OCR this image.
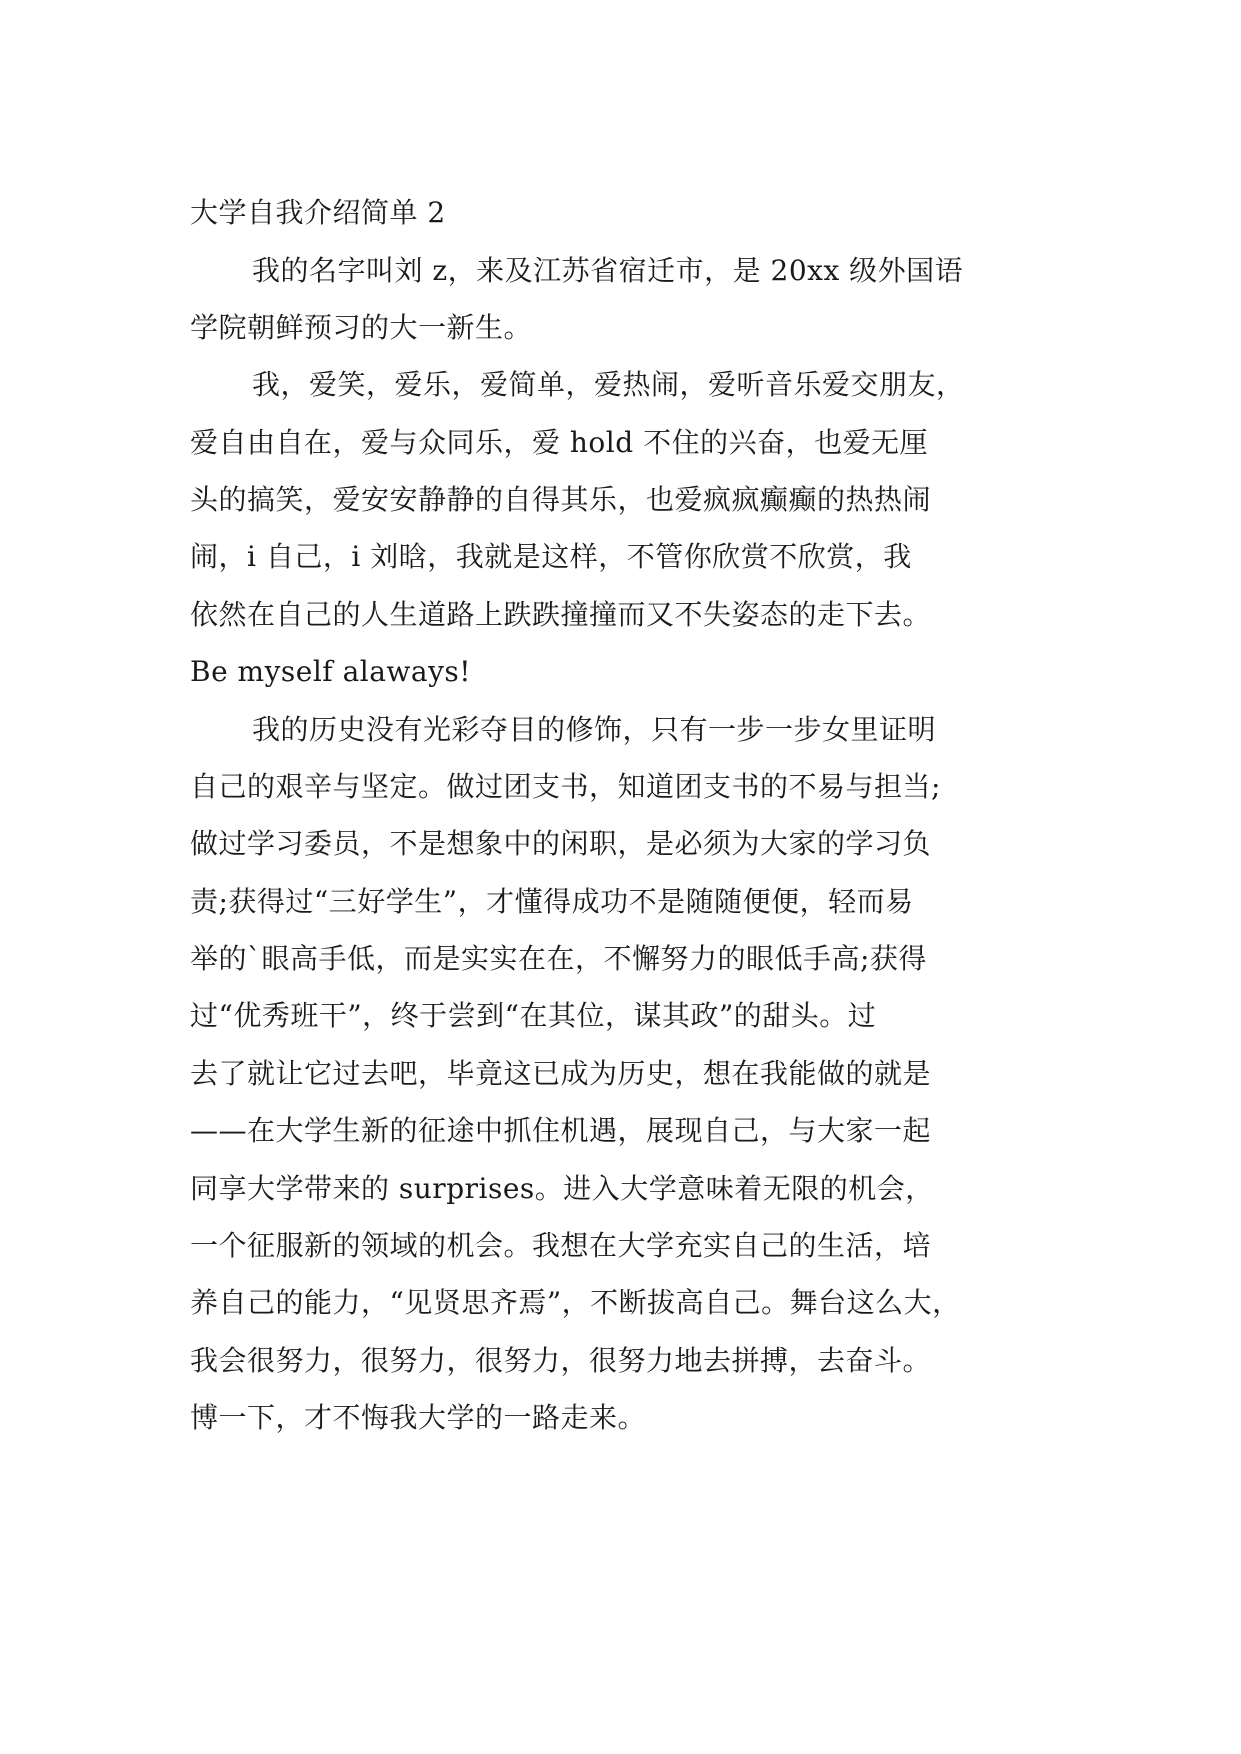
大学自我介绍简单 2
我的名字叫刘 z，来及江苏省宿迁市，是 20xx 级外国语
学院朝鲜预习的大一新生。
我，爱笑，爱乐，爱简单，爱热闹，爱听音乐爱交朋友，
爱自由自在，爱与众同乐，爱 hold 不住的兴奋，也爱无厘
头的搞笑，爱安安静静的自得其乐，也爱疯疯癫癫的热热闹
闹，i 自己，i 刘晗，我就是这样，不管你欣赏不欣赏，我
依然在自己的人生道路上跌跌撞撞而又不失姿态的走下去。
Be myself alaways!
我的历史没有光彩夺目的修饰，只有一步一步女里证明
自己的艰辛与坚定。做过团支书，知道团支书的不易与担当;
做过学习委员，不是想象中的闲职，是必须为大家的学习负
责;获得过“三好学生”，才懂得成功不是随随便便，轻而易
举的`眼高手低，而是实实在在，不懈努力的眼低手高;获得
过“优秀班干”，终于尝到“在其位，谋其政”的甜头。过
去了就让它过去吧，毕竟这已成为历史，想在我能做的就是
——在大学生新的征途中抓住机遇，展现自己，与大家一起
同享大学带来的 surprises。进入大学意味着无限的机会，
一个征服新的领域的机会。我想在大学充实自己的生活，培
养自己的能力，“见贤思齐焉”，不断拔高自己。舞台这么大，
我会很努力，很努力，很努力，很努力地去拼搏，去奋斗。
博一下，才不悔我大学的一路走来。
